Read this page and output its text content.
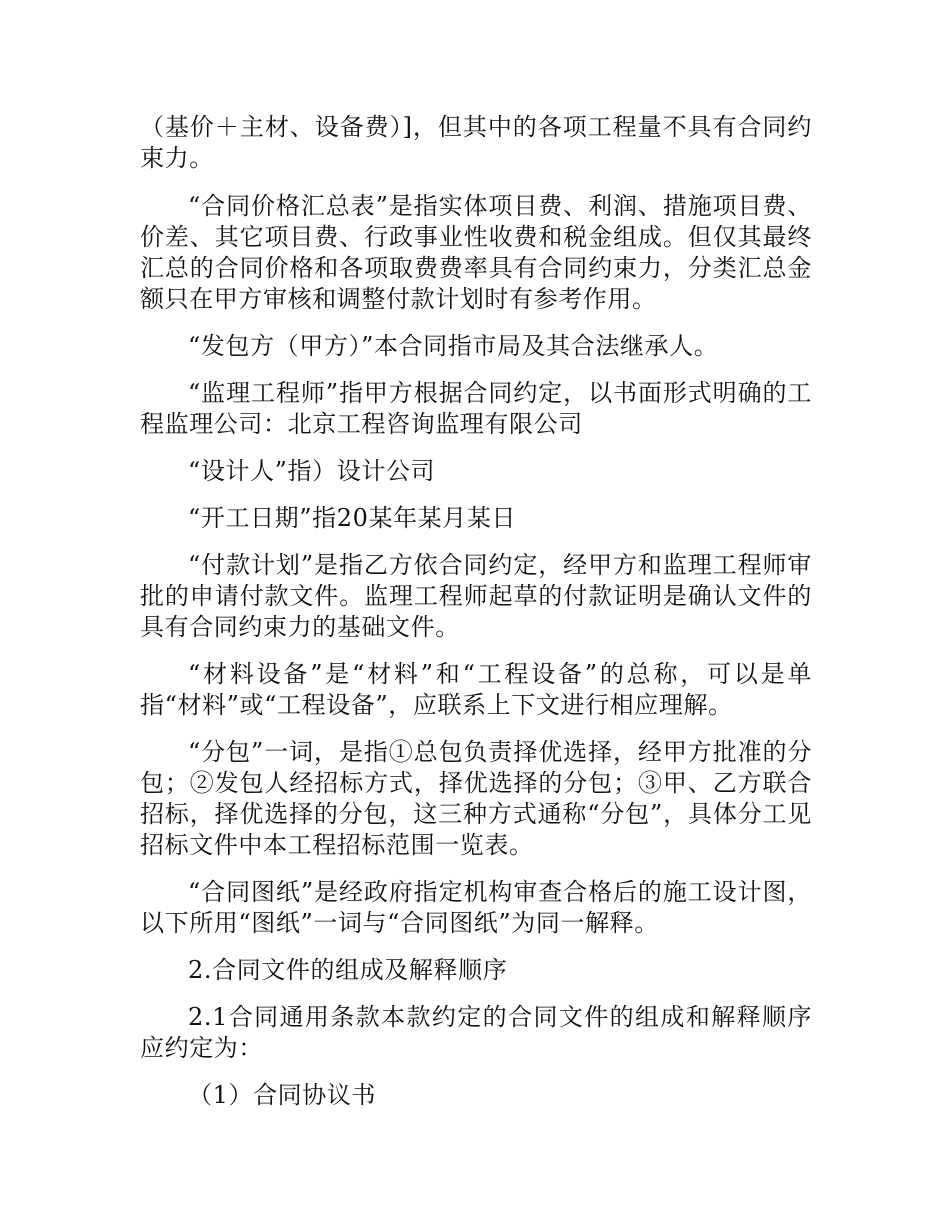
（基价＋主材、设备费）]，但其中的各项工程量不具有合同约束力。

“合同价格汇总表”是指实体项目费、利润、措施项目费、价差、其它项目费、行政事业性收费和税金组成。但仅其最终汇总的合同价格和各项取费费率具有合同约束力，分类汇总金额只在甲方审核和调整付款计划时有参考作用。

“发包方（甲方）”本合同指市局及其合法继承人。

“监理工程师”指甲方根据合同约定，以书面形式明确的工程监理公司：北京工程咨询监理有限公司

“设计人”指）设计公司

“开工日期”指20某年某月某日

“付款计划”是指乙方依合同约定，经甲方和监理工程师审批的申请付款文件。监理工程师起草的付款证明是确认文件的具有合同约束力的基础文件。

“材料设备”是“材料”和“工程设备”的总称，可以是单指“材料”或“工程设备”，应联系上下文进行相应理解。

“分包”一词，是指①总包负责择优选择，经甲方批准的分包；②发包人经招标方式，择优选择的分包；③甲、乙方联合招标，择优选择的分包，这三种方式通称“分包”，具体分工见招标文件中本工程招标范围一览表。

“合同图纸”是经政府指定机构审查合格后的施工设计图，以下所用“图纸”一词与“合同图纸”为同一解释。

2.合同文件的组成及解释顺序

2.1合同通用条款本款约定的合同文件的组成和解释顺序应约定为：

（1）合同协议书
